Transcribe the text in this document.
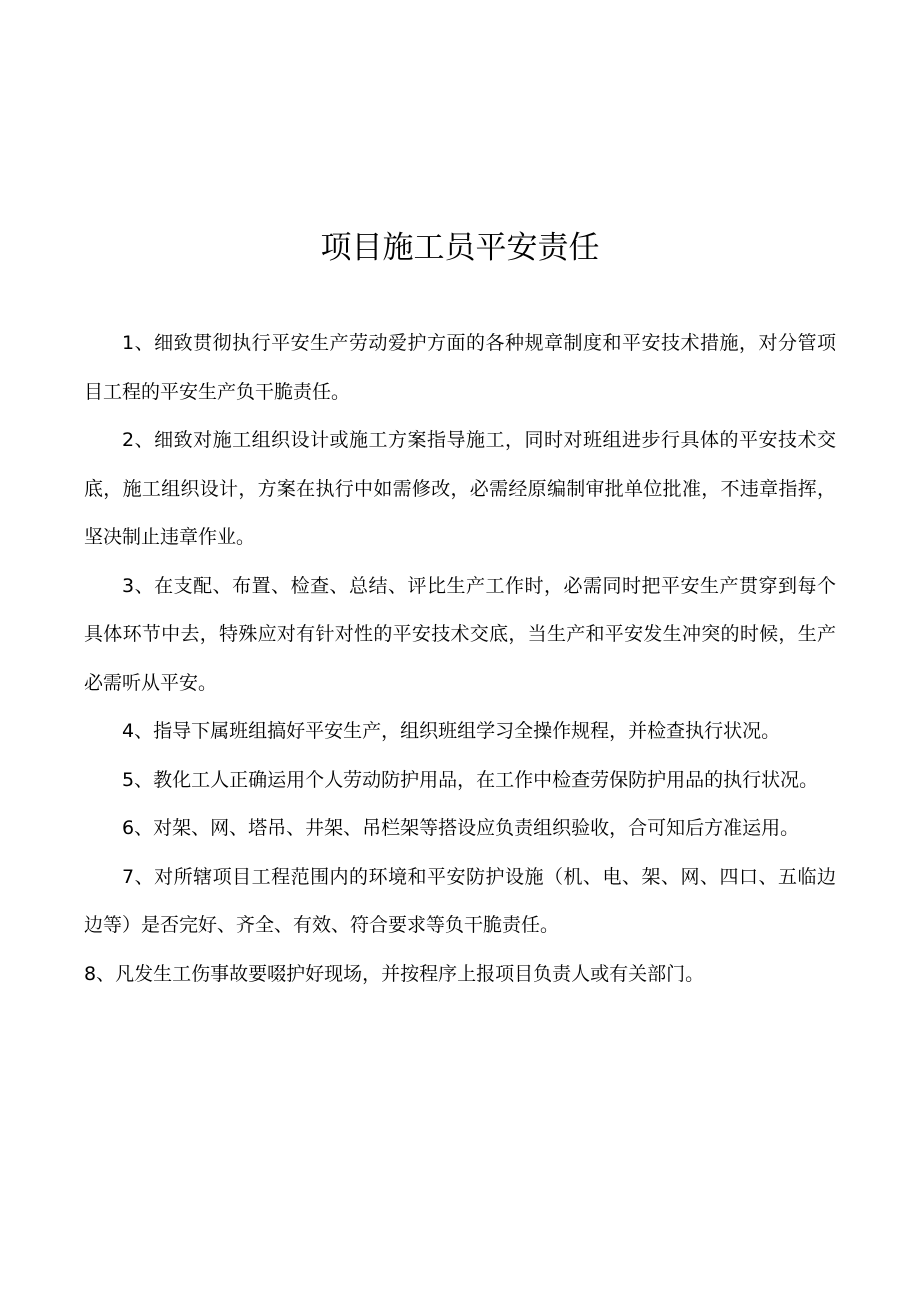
项目施工员平安责任

1、细致贯彻执行平安生产劳动爱护方面的各种规章制度和平安技术措施，对分管项目工程的平安生产负干脆责任。

2、细致对施工组织设计或施工方案指导施工，同时对班组进步行具体的平安技术交底，施工组织设计，方案在执行中如需修改，必需经原编制审批单位批准，不违章指挥，坚决制止违章作业。

3、在支配、布置、检查、总结、评比生产工作时，必需同时把平安生产贯穿到每个具体环节中去，特殊应对有针对性的平安技术交底，当生产和平安发生冲突的时候，生产必需听从平安。

4、指导下属班组搞好平安生产，组织班组学习全操作规程，并检查执行状况。

5、教化工人正确运用个人劳动防护用品，在工作中检查劳保防护用品的执行状况。

6、对架、网、塔吊、井架、吊栏架等搭设应负责组织验收，合可知后方准运用。

7、对所辖项目工程范围内的环境和平安防护设施（机、电、架、网、四口、五临边边等）是否完好、齐全、有效、符合要求等负干脆责任。

8、凡发生工伤事故要啜护好现场，并按程序上报项目负责人或有关部门。
